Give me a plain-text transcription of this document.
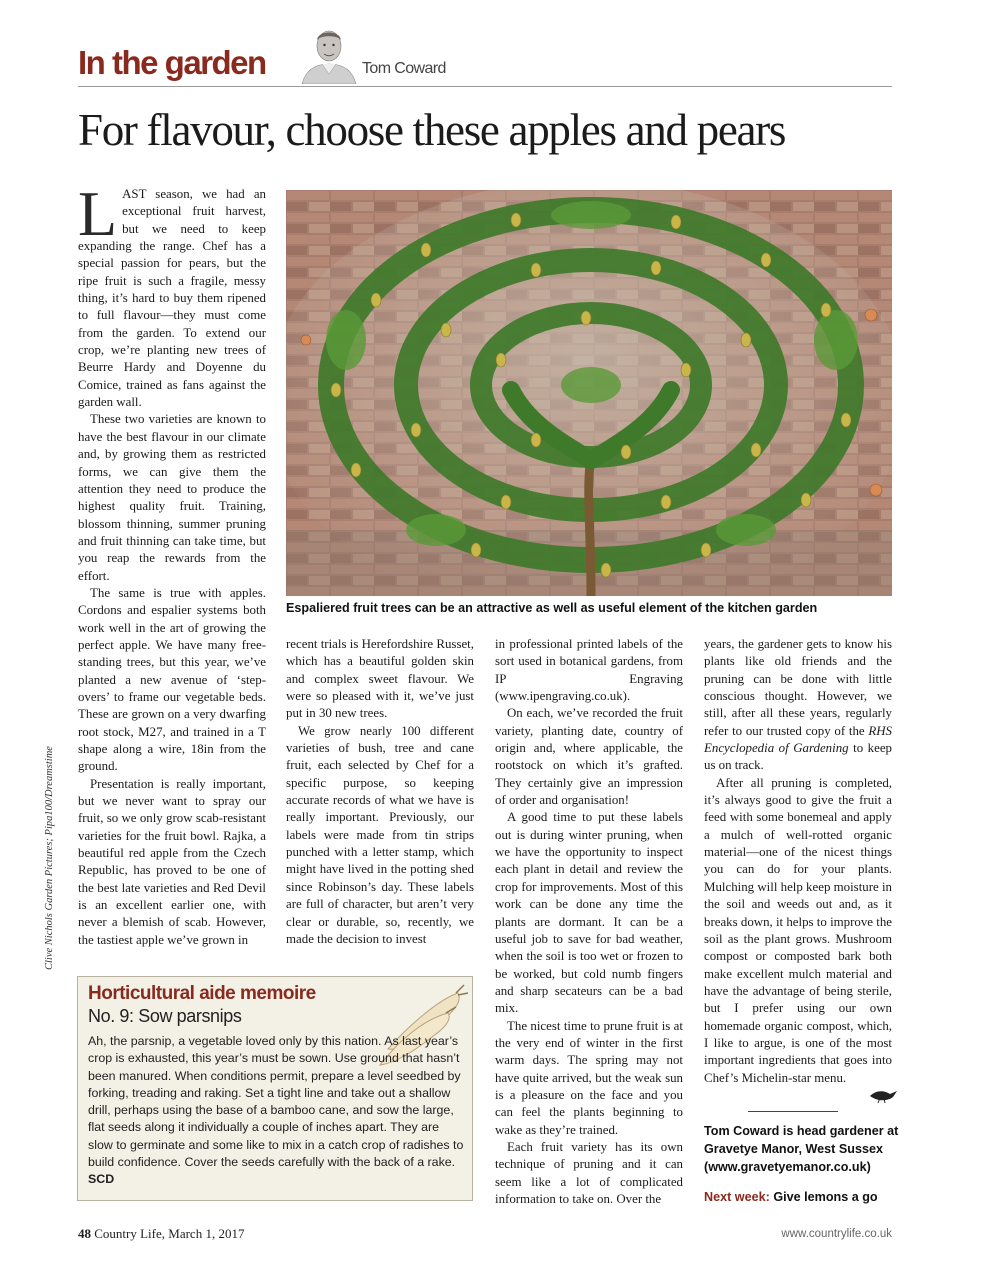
In the garden	Tom Coward
For flavour, choose these apples and pears
Espaliered fruit trees can be an attractive as well as useful element of the kitchen garden
Clive Nichols Garden Pictures; Pipa100/Dreamstime

LAST season, we had an exceptional fruit harvest, but we need to keep expanding the range. Chef has a special passion for pears, but the ripe fruit is such a fragile, messy thing, it’s hard to buy them ripened to full flavour—they must come from the garden. To extend our crop, we’re planting new trees of Beurre Hardy and Doyenne du Comice, trained as fans against the garden wall.

These two varieties are known to have the best flavour in our climate and, by growing them as restricted forms, we can give them the attention they need to produce the highest quality fruit. Training, blossom thinning, summer pruning and fruit thinning can take time, but you reap the rewards from the effort.

The same is true with apples. Cordons and espalier systems both work well in the art of growing the perfect apple. We have many free-standing trees, but this year, we’ve planted a new avenue of ‘step-overs’ to frame our vegetable beds. These are grown on a very dwarfing root stock, M27, and trained in a T shape along a wire, 18in from the ground.

Presentation is really important, but we never want to spray our fruit, so we only grow scab-resistant varieties for the fruit bowl. Rajka, a beautiful red apple from the Czech Republic, has proved to be one of the best late varieties and Red Devil is an excellent earlier one, with never a blemish of scab. However, the tastiest apple we’ve grown in

recent trials is Herefordshire Russet, which has a beautiful golden skin and complex sweet flavour. We were so pleased with it, we’ve just put in 30 new trees.

We grow nearly 100 different varieties of bush, tree and cane fruit, each selected by Chef for a specific purpose, so keeping accurate records of what we have is really important. Previously, our labels were made from tin strips punched with a letter stamp, which might have lived in the potting shed since Robinson’s day. These labels are full of character, but aren’t very clear or durable, so, recently, we made the decision to invest

in professional printed labels of the sort used in botanical gardens, from IP Engraving (www.ipengraving.co.uk).

On each, we’ve recorded the fruit variety, planting date, country of origin and, where applicable, the rootstock on which it’s grafted. They certainly give an impression of order and organisation!

A good time to put these labels out is during winter pruning, when we have the opportunity to inspect each plant in detail and review the crop for improvements. Most of this work can be done any time the plants are dormant. It can be a useful job to save for bad weather, when the soil is too wet or frozen to be worked, but cold numb fingers and sharp secateurs can be a bad mix.

The nicest time to prune fruit is at the very end of winter in the first warm days. The spring may not have quite arrived, but the weak sun is a pleasure on the face and you can feel the plants beginning to wake as they’re trained.

Each fruit variety has its own technique of pruning and it can seem like a lot of complicated information to take on. Over the

years, the gardener gets to know his plants like old friends and the pruning can be done with little conscious thought. However, we still, after all these years, regularly refer to our trusted copy of the RHS Encyclopedia of Gardening to keep us on track.

After all pruning is completed, it’s always good to give the fruit a feed with some bonemeal and apply a mulch of well-rotted organic material—one of the nicest things you can do for your plants. Mulching will help keep moisture in the soil and weeds out and, as it breaks down, it helps to improve the soil as the plant grows. Mushroom compost or composted bark both make excellent mulch material and have the advantage of being sterile, but I prefer using our own homemade organic compost, which, I like to argue, is one of the most important ingredients that goes into Chef’s Michelin-star menu.

Horticultural aide memoire
No. 9: Sow parsnips
Ah, the parsnip, a vegetable loved only by this nation. As last year’s crop is exhausted, this year’s must be sown. Use ground that hasn’t been manured. When conditions permit, prepare a level seedbed by forking, treading and raking. Set a tight line and take out a shallow drill, perhaps using the base of a bamboo cane, and sow the large, flat seeds along it individually a couple of inches apart. They are slow to germinate and some like to mix in a catch crop of radishes to build confidence. Cover the seeds carefully with the back of a rake. SCD
Tom Coward is head gardener at Gravetye Manor, West Sussex (www.gravetyemanor.co.uk)
Next week: Give lemons a go
48 Country Life, March 1, 2017	www.countrylife.co.uk
